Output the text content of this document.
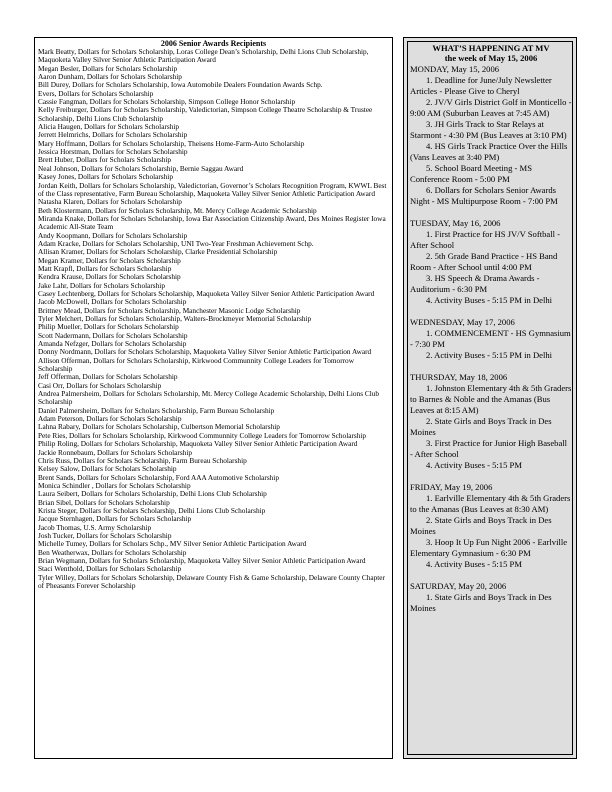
2006 Senior Awards Recipients
Mark Beatty, Dollars for Scholars Scholarship, Loras College Dean’s Scholarship, Delhi Lions Club Scholarship, Maquoketa Valley Silver Senior Athletic Participation Award
Megan Besler, Dollars for Scholars Scholarship
Aaron Dunham, Dollars for Scholars Scholarship
Bill Durey, Dollars for Scholars Scholarship, Iowa Automobile Dealers Foundation Awards Schp.
Evers, Dollars for Scholars Scholarship
Cassie Fangman, Dollars for Scholars Scholarship, Simpson College Honor Scholarship
Kelly Freiburger, Dollars for Scholars Scholarship, Valedictorian, Simpson College Theatre Scholarship & Trustee Scholarship, Delhi Lions Club Scholarship
Alicia Haugen, Dollars for Scholars Scholarship
Jerrett Helmrichs, Dollars for Scholars Scholarship
Mary Hoffmann, Dollars for Scholars Scholarship, Theisens Home-Farm-Auto Scholarship
Jessica Horstman, Dollars for Scholars Scholarship
Brett Huber, Dollars for Scholars Scholarship
Neal Johnson, Dollars for Scholars Scholarship, Bernie Saggau Award
Kasey Jones, Dollars for Scholars Scholarship
Jordan Keith, Dollars for Scholars Scholarship, Valedictorian, Governor’s Scholars Recognition Program, KWWL Best of the Class representative, Farm Bureau Scholarship, Maquoketa Valley Silver Senior Athletic Participation Award
Natasha Klaren, Dollars for Scholars Scholarship
Beth Klostermann, Dollars for Scholars Scholarship, Mt. Mercy College Academic Scholarship
Miranda Knake, Dollars for Scholars Scholarship, Iowa Bar Association Citizenship Award, Des Moines Register Iowa Academic All-State Team
Andy Koopmann, Dollars for Scholars Scholarship
Adam Kracke, Dollars for Scholars Scholarship, UNI Two-Year Freshman Achievement Schp.
Allisan Kramer, Dollars for Scholars Scholarship, Clarke Presidential Scholarship
Megan Kramer, Dollars for Scholars Scholarship
Matt Krapfl, Dollars for Scholars Scholarship
Kendra Krause, Dollars for Scholars Scholarship
Jake Lahr, Dollars for Scholars Scholarship
Casey Lechtenberg, Dollars for Scholars Scholarship, Maquoketa Valley Silver Senior Athletic Participation Award
Jacob McDowell, Dollars for Scholars Scholarship
Brittney Mead, Dollars for Scholars Scholarship, Manchester Masonic Lodge Scholarship
Tyler Melchert, Dollars for Scholars Scholarship, Walters-Brockmeyer Memorial Scholarship
Philip Mueller, Dollars for Scholars Scholarship
Scott Nadermann, Dollars for Scholars Scholarship
Amanda Nefzger, Dollars for Scholars Scholarship
Donny Nordmann, Dollars for Scholars Scholarship, Maquoketa Valley Silver Senior Athletic Participation Award
Allison Offerman, Dollars for Scholars Scholarship, Kirkwood Communnity College Leaders for Tomorrow Scholarship
Jeff Offerman, Dollars for Scholars Scholarship
Casi Orr, Dollars for Scholars Scholarship
Andrea Palmersheim, Dollars for Scholars Scholarship, Mt. Mercy College Academic Scholarship, Delhi Lions Club Scholarship
Daniel Palmersheim, Dollars for Scholars Scholarship, Farm Bureau Scholarship
Adam Peterson, Dollars for Scholars Scholarship
Lahna Rabary, Dollars for Scholars Scholarship, Culbertson Memorial Scholarship
Pete Ries, Dollars for Scholars Scholarship, Kirkwood Communnity College Leaders for Tomorrow Scholarship
Philip Roling, Dollars for Scholars Scholarship, Maquoketa Valley Silver Senior Athletic Participation Award
Jackie Ronnebaum, Dollars for Scholars Scholarship
Chris Russ, Dollars for Scholars Scholarship, Farm Bureau Scholarship
Kelsey Salow, Dollars for Scholars Scholarship
Brent Sands, Dollars for Scholars Scholarship, Ford AAA Automotive Scholarship
Monica Schindler , Dollars for Scholars Scholarship
Laura Seibert, Dollars for Scholars Scholarship, Delhi Lions Club Scholarship
Brian Sibel, Dollars for Scholars Scholarship
Krista Steger, Dollars for Scholars Scholarship, Delhi Lions Club Scholarship
Jacque Sternhagen, Dollars for Scholars Scholarship
Jacob Thomas, U.S. Army Scholarship
Josh Tucker, Dollars for Scholars Scholarship
Michelle Tumey, Dollars for Scholars Schp., MV Silver Senior Athletic Participation Award
Ben Weatherwax, Dollars for Scholars Scholarship
Brian Wegmann, Dollars for Scholars Scholarship, Maquoketa Valley Silver Senior Athletic Participation Award
Staci Wenthold, Dollars for Scholars Scholarship
Tyler Willey, Dollars for Scholars Scholarship, Delaware County Fish & Game Scholarship, Delaware County Chapter of Pheasants Forever Scholarship
WHAT’S HAPPENING AT MV
the week of May 15, 2006
MONDAY, May 15, 2006
1. Deadline for June/July Newsletter Articles - Please Give to Cheryl
2. JV/V Girls District Golf in Monticello - 9:00 AM (Suburban Leaves at 7:45 AM)
3. JH Girls Track to Star Relays at Starmont - 4:30 PM (Bus Leaves at 3:10 PM)
4. HS Girls Track Practice Over the Hills (Vans Leaves at 3:40 PM)
5. School Board Meeting - MS Conference Room - 5:00 PM
6. Dollars for Scholars Senior Awards Night - MS Multipurpose Room - 7:00 PM
TUESDAY, May 16, 2006
1. First Practice for HS JV/V Softball - After School
2. 5th Grade Band Practice - HS Band Room - After School until 4:00 PM
3. HS Speech & Drama Awards - Auditorium - 6:30 PM
4. Activity Buses - 5:15 PM in Delhi
WEDNESDAY, May 17, 2006
1. COMMENCEMENT - HS Gymnasium - 7:30 PM
2. Activity Buses - 5:15 PM in Delhi
THURSDAY, May 18, 2006
1. Johnston Elementary 4th & 5th Graders to Barnes & Noble and the Amanas (Bus Leaves at 8:15 AM)
2. State Girls and Boys Track in Des Moines
3. First Practice for Junior High Baseball - After School
4. Activity Buses - 5:15 PM
FRIDAY, May 19, 2006
1. Earlville Elementary 4th & 5th Graders to the Amanas (Bus Leaves at 8:30 AM)
2. State Girls and Boys Track in Des Moines
3. Hoop It Up Fun Night 2006 - Earlville Elementary Gymnasium - 6:30 PM
4. Activity Buses - 5:15 PM
SATURDAY, May 20, 2006
1. State Girls and Boys Track in Des Moines
